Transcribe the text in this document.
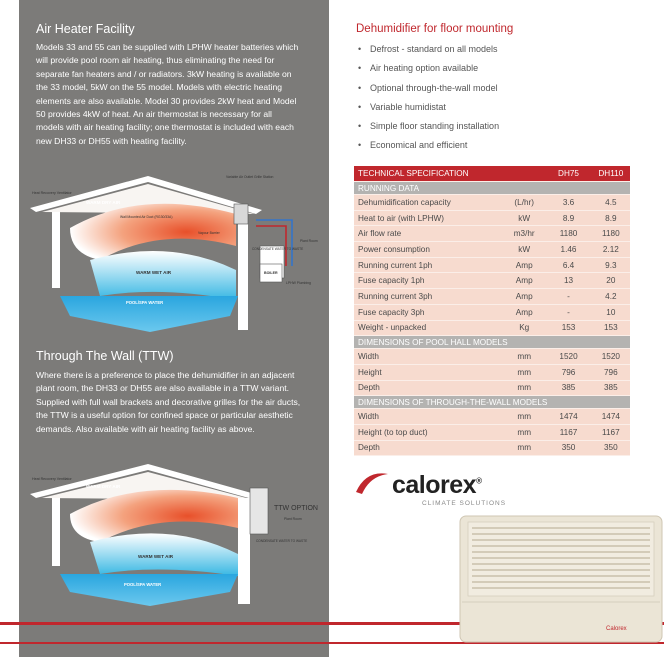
Air Heater Facility
Models 33 and 55 can be supplied with LPHW heater batteries which
will provide pool room air heating, thus eliminating the need for
separate fan heaters and / or radiators. 3kW heating is available on
the 33 model, 5kW on the 55 model. Models with electric heating
elements are also available. Model 30 provides 2kW heat and Model
50 provides 4kW of heat. An air thermostat is necessary for all
models with air heating facility; one thermostat is included with each
new DH33 or DH55 with heating facility.
Heat Recovery Ventilator
WARM DRY AIR
Wall Mounted Air Duct (RG30/33A)
Variable Air Outlet Grille Station
Vapour Barrier
CONDENSATE WATER TO WASTE
Plant Room
BOILER
LPHW Plumbing
WARM WET AIR
POOL/SPA WATER
Through The Wall (TTW)
Where there is a preference to place the dehumidifier in an adjacent
plant room, the DH33 or DH55 are also available in a TTW variant.
Supplied with full wall brackets and decorative grilles for the air ducts,
the TTW is a useful option for confined space or particular aesthetic
demands. Also available with air heating facility as above.
Heat Recovery Ventilator
WARM DRY AIR
TTW OPTION
Plant Room
CONDENSATE WATER TO WASTE
WARM WET AIR
POOL/SPA WATER
Dehumidifier for floor mounting
• Defrost - standard on all models
• Air heating option available
• Optional through-the-wall model
• Variable humidistat
• Simple floor standing installation
• Economical and efficient
TECHNICAL SPECIFICATION		DH75	DH110
RUNNING DATA			
Dehumidification capacity	(L/hr)	3.6	4.5
Heat to air (with LPHW)	kW	8.9	8.9
Air flow rate	m3/hr	1180	1180
Power consumption	kW	1.46	2.12
Running current 1ph	Amp	6.4	9.3
Fuse capacity 1ph	Amp	13	20
Running current 3ph	Amp	-	4.2
Fuse capacity 3ph	Amp	-	10
Weight - unpacked	Kg	153	153
DIMENSIONS OF POOL HALL MODELS			
Width	mm	1520	1520
Height	mm	796	796
Depth	mm	385	385
DIMENSIONS OF THROUGH-THE-WALL MODELS			
Width	mm	1474	1474
Height (to top duct)	mm	1167	1167
Depth	mm	350	350
calorex®
CLIMATE SOLUTIONS
Calorex
